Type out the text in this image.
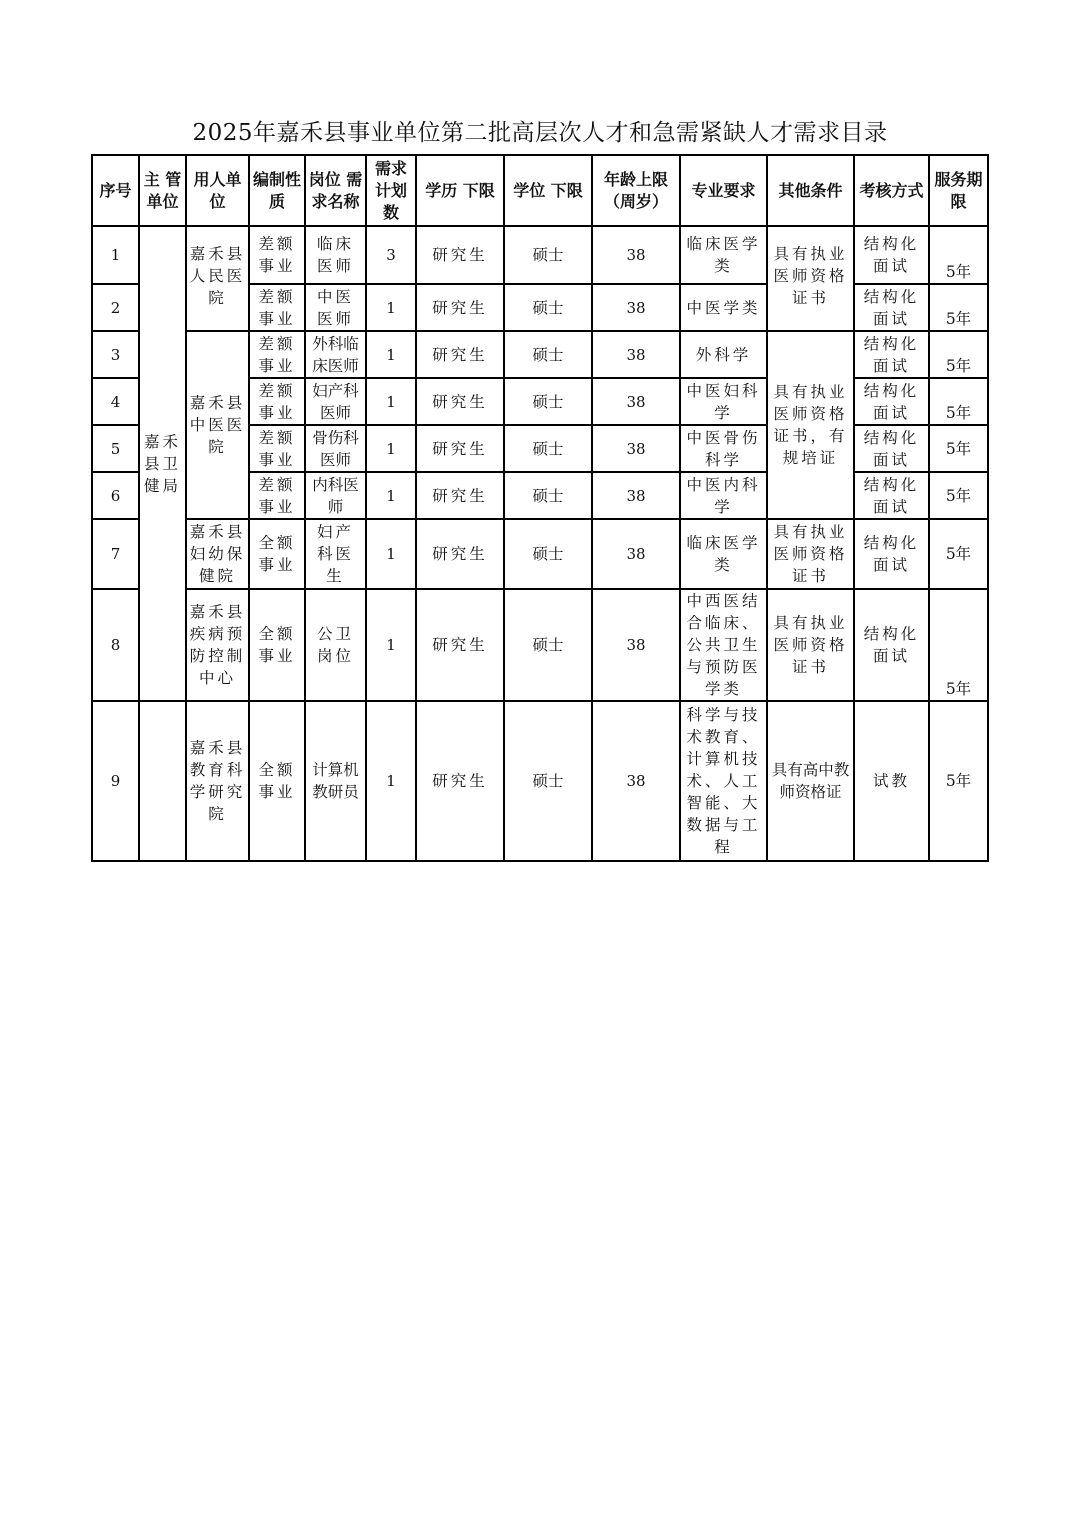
2025年嘉禾县事业单位第二批高层次人才和急需紧缺人才需求目录
序号	主 管单位	用人单位	编制性质	岗位 需 求名称	需求计划数	学历 下限	学位 下限	年龄上限（周岁）	专业要求	其他条件	考核方式	服务期限
1	嘉禾县卫健局	嘉禾县人民医院	差额事业	临床医师	3	研究生	硕士	38	临床医学类	具有执业医师资格证书	结构化面试	5年
2			差额事业	中医医师	1	研究生	硕士	38	中医学类		结构化面试	5年
3		嘉禾县中医医院	差额事业	外科临床医师	1	研究生	硕士	38	外科学	具有执业医师资格证书，有规培证	结构化面试	5年
4			差额事业	妇产科医师	1	研究生	硕士	38	中医妇科学		结构化面试	5年
5			差额事业	骨伤科医师	1	研究生	硕士	38	中医骨伤科学		结构化面试	5年
6			差额事业	内科医师	1	研究生	硕士	38	中医内科学		结构化面试	5年
7		嘉禾县妇幼保健院	全额事业	妇产科医生	1	研究生	硕士	38	临床医学类	具有执业医师资格证书	结构化面试	5年
8		嘉禾县疾病预防控制中心	全额事业	公卫岗位	1	研究生	硕士	38	中西医结合临床、公共卫生与预防医学类	具有执业医师资格证书	结构化面试	5年
9		嘉禾县教育科学研究院	全额事业	计算机教研员	1	研究生	硕士	38	科学与技术教育、计算机技术、人工智能、大数据与工程	具有高中教师资格证	试教	5年
